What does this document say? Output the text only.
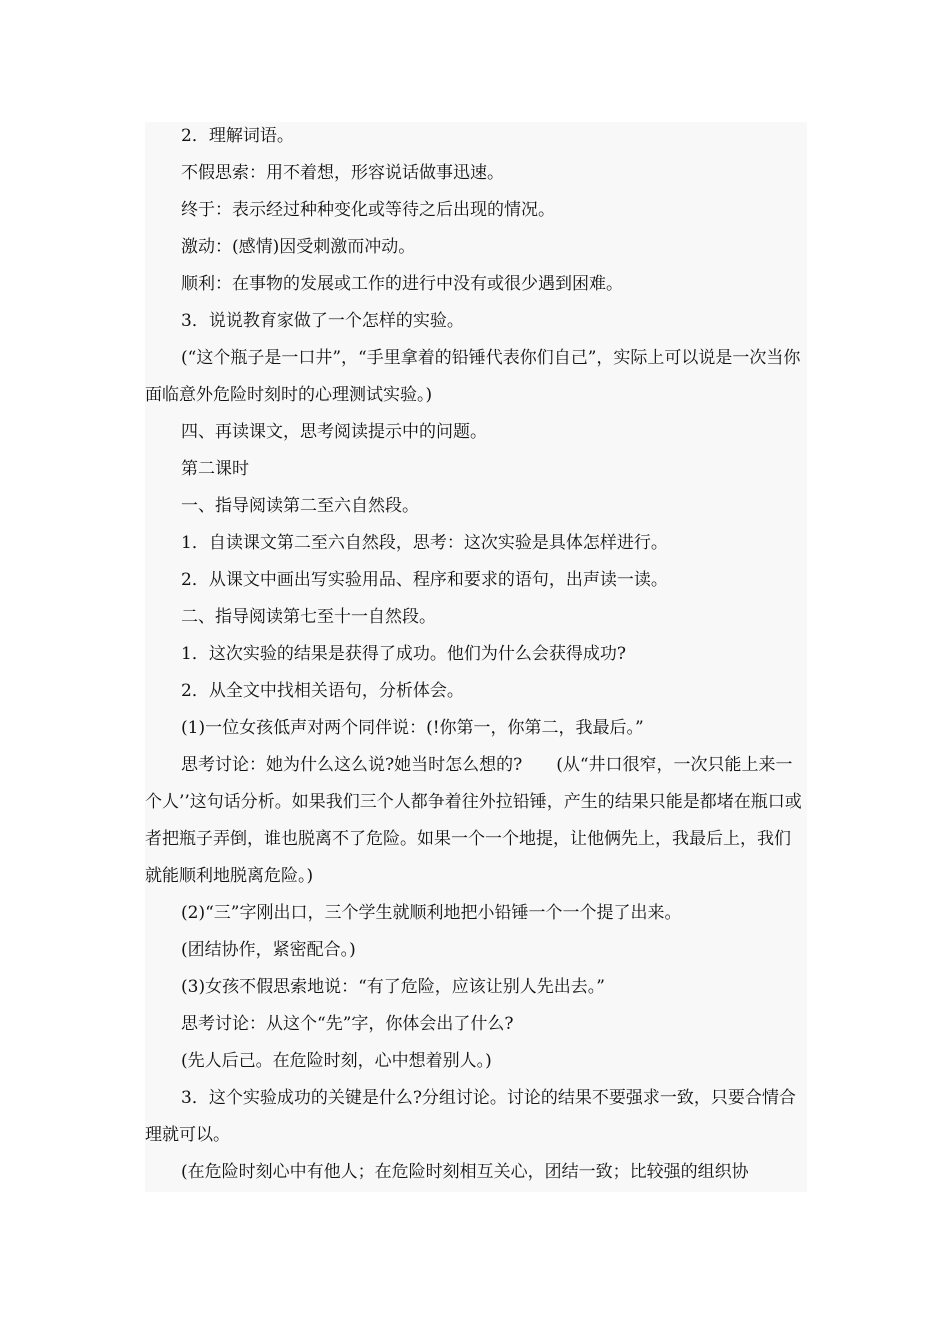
2．理解词语。

不假思索：用不着想，形容说话做事迅速。

终于：表示经过种种变化或等待之后出现的情况。

激动：(感情)因受刺激而冲动。

顺利：在事物的发展或工作的进行中没有或很少遇到困难。

3．说说教育家做了一个怎样的实验。

(“这个瓶子是一口井”，“手里拿着的铅锤代表你们自己”，实际上可以说是一次当你面临意外危险时刻时的心理测试实验。)

四、再读课文，思考阅读提示中的问题。

第二课时

一、指导阅读第二至六自然段。

1．自读课文第二至六自然段，思考：这次实验是具体怎样进行。

2．从课文中画出写实验用品、程序和要求的语句，出声读一读。

二、指导阅读第七至十一自然段。

1．这次实验的结果是获得了成功。他们为什么会获得成功?

2．从全文中找相关语句，分析体会。

(1)一位女孩低声对两个同伴说：(!你第一，你第二，我最后。”

思考讨论：她为什么这么说?她当时怎么想的?　　(从“井口很窄，一次只能上来一个人’’这句话分析。如果我们三个人都争着往外拉铅锤，产生的结果只能是都堵在瓶口或者把瓶子弄倒，谁也脱离不了危险。如果一个一个地提，让他俩先上，我最后上，我们就能顺利地脱离危险。)

(2)“三”字刚出口，三个学生就顺利地把小铅锤一个一个提了出来。

(团结协作，紧密配合。)

(3)女孩不假思索地说：“有了危险，应该让别人先出去。”

思考讨论：从这个“先”字，你体会出了什么?

(先人后己。在危险时刻，心中想着别人。)

3．这个实验成功的关键是什么?分组讨论。讨论的结果不要强求一致，只要合情合理就可以。

(在危险时刻心中有他人；在危险时刻相互关心，团结一致；比较强的组织协
